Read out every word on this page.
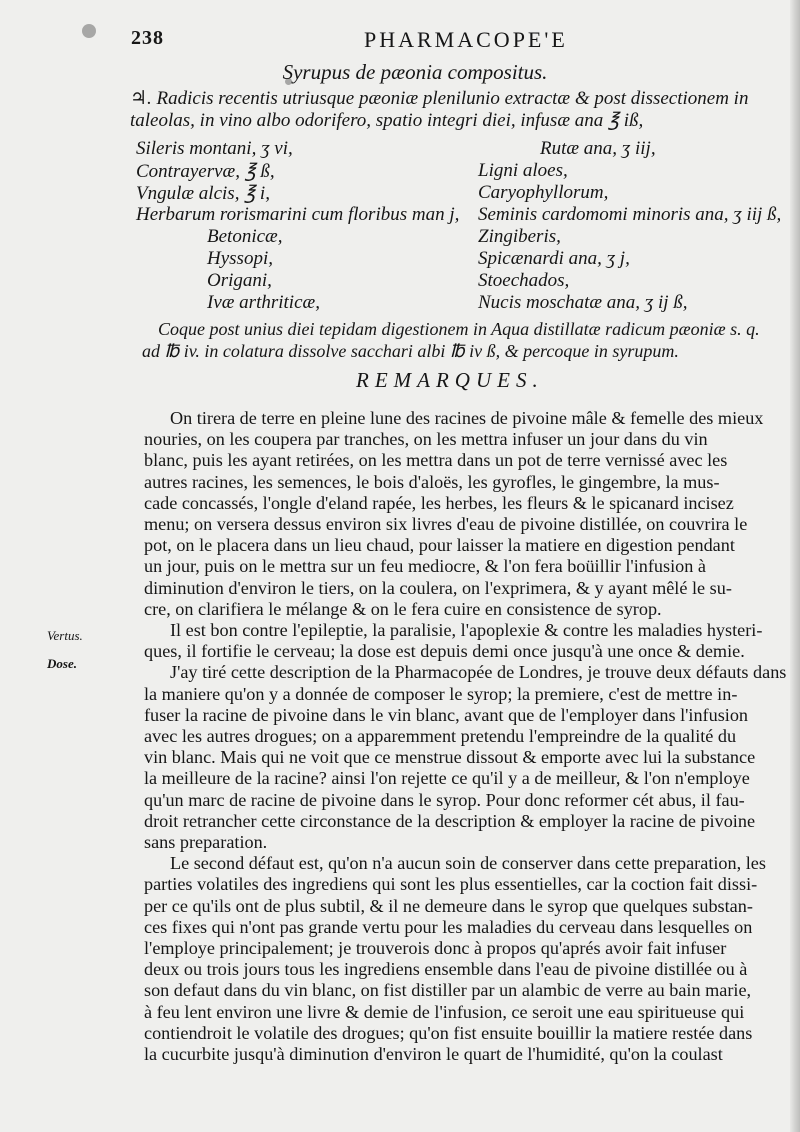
238	PHARMACOPE'E
Syrupus de pæonia compositus.
♃. Radicis recentis utriusque pæoniæ plenilunio extractæ & post dissectionem in
taleolas, in vino albo odorifero, spatio integri diei, infusæ ana ℥ iß,
Sileris montani, ʒ vi,
Contrayervæ, ℥ ß,
Vngulæ alcis, ℥ i,
Herbarum rorismarini cum floribus man j,
Betonicæ,
Hyssopi,
Origani,
Ivæ arthriticæ,
Rutæ ana, ʒ iij,
Ligni aloes,
Caryophyllorum,
Seminis cardomomi minoris ana, ʒ iij ß,
Zingiberis,
Spicænardi ana, ʒ j,
Stoechados,
Nucis moschatæ ana, ʒ ij ß,
Coque post unius diei tepidam digestionem in Aqua distillatæ radicum pæoniæ s. q.
ad ℔ iv. in colatura dissolve sacchari albi ℔ iv ß, & percoque in syrupum.
REMARQUES.
Vertus.
Dose.
On tirera de terre en pleine lune des racines de pivoine mâle & femelle des mieux
nouries, on les coupera par tranches, on les mettra infuser un jour dans du vin
blanc, puis les ayant retirées, on les mettra dans un pot de terre vernissé avec les
autres racines, les semences, le bois d'aloës, les gyrofles, le gingembre, la mus-
cade concassés, l'ongle d'eland rapée, les herbes, les fleurs & le spicanard incisez
menu; on versera dessus environ six livres d'eau de pivoine distillée, on couvrira le
pot, on le placera dans un lieu chaud, pour laisser la matiere en digestion pendant
un jour, puis on le mettra sur un feu mediocre, & l'on fera boüillir l'infusion à
diminution d'environ le tiers, on la coulera, on l'exprimera, & y ayant mêlé le su-
cre, on clarifiera le mélange & on le fera cuire en consistence de syrop.
Il est bon contre l'epileptie, la paralisie, l'apoplexie & contre les maladies hysteri-
ques, il fortifie le cerveau; la dose est depuis demi once jusqu'à une once & demie.
J'ay tiré cette description de la Pharmacopée de Londres, je trouve deux défauts dans
la maniere qu'on y a donnée de composer le syrop; la premiere, c'est de mettre in-
fuser la racine de pivoine dans le vin blanc, avant que de l'employer dans l'infusion
avec les autres drogues; on a apparemment pretendu l'empreindre de la qualité du
vin blanc. Mais qui ne voit que ce menstrue dissout & emporte avec lui la substance
la meilleure de la racine? ainsi l'on rejette ce qu'il y a de meilleur, & l'on n'employe
qu'un marc de racine de pivoine dans le syrop. Pour donc reformer cét abus, il fau-
droit retrancher cette circonstance de la description & employer la racine de pivoine
sans preparation.
Le second défaut est, qu'on n'a aucun soin de conserver dans cette preparation, les
parties volatiles des ingrediens qui sont les plus essentielles, car la coction fait dissi-
per ce qu'ils ont de plus subtil, & il ne demeure dans le syrop que quelques substan-
ces fixes qui n'ont pas grande vertu pour les maladies du cerveau dans lesquelles on
l'employe principalement; je trouverois donc à propos qu'aprés avoir fait infuser
deux ou trois jours tous les ingrediens ensemble dans l'eau de pivoine distillée ou à
son defaut dans du vin blanc, on fist distiller par un alambic de verre au bain marie,
à feu lent environ une livre & demie de l'infusion, ce seroit une eau spiritueuse qui
contiendroit le volatile des drogues; qu'on fist ensuite bouillir la matiere restée dans
la cucurbite jusqu'à diminution d'environ le quart de l'humidité, qu'on la coulast
